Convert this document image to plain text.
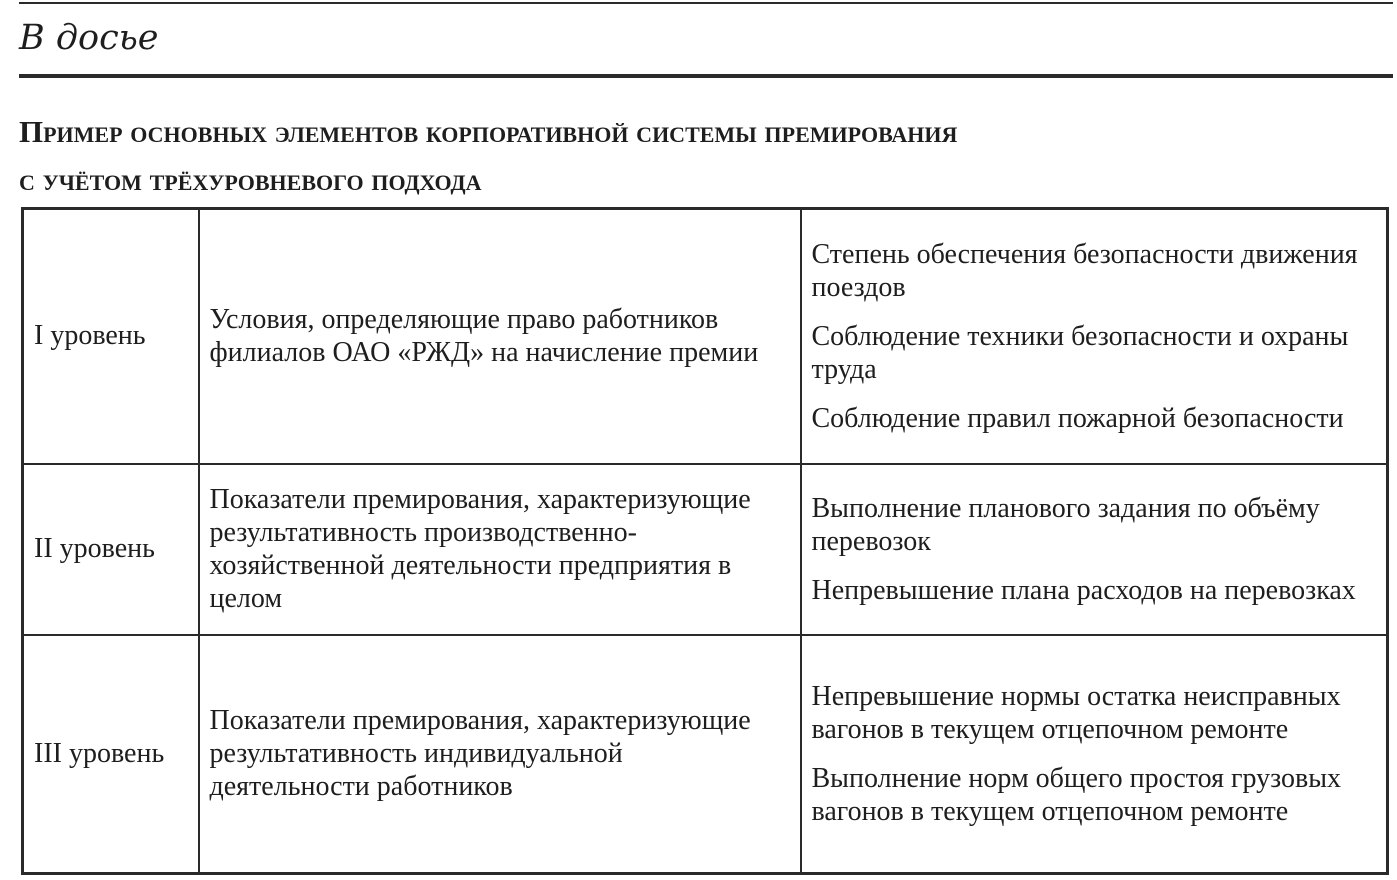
В досье
Пример основных элементов корпоративной системы премирования
с учётом трёхуровневого подхода
I уровень	Условия, определяющие право работников филиалов ОАО «РЖД» на начисление премии	Степень обеспечения безопасности движения поездов

Соблюдение техники безопасности и охраны труда

Соблюдение правил пожарной безопасности

II уровень	Показатели премирования, характеризующие результативность производственно-хозяйственной деятельности предприятия в целом	Выполнение планового задания по объёму перевозок

Непревышение плана расходов на перевозках

III уровень	Показатели премирования, характеризующие результативность индивидуальной деятельности работников	Непревышение нормы остатка неисправных вагонов в текущем отцепочном ремонте

Выполнение норм общего простоя грузовых вагонов в текущем отцепочном ремонте
